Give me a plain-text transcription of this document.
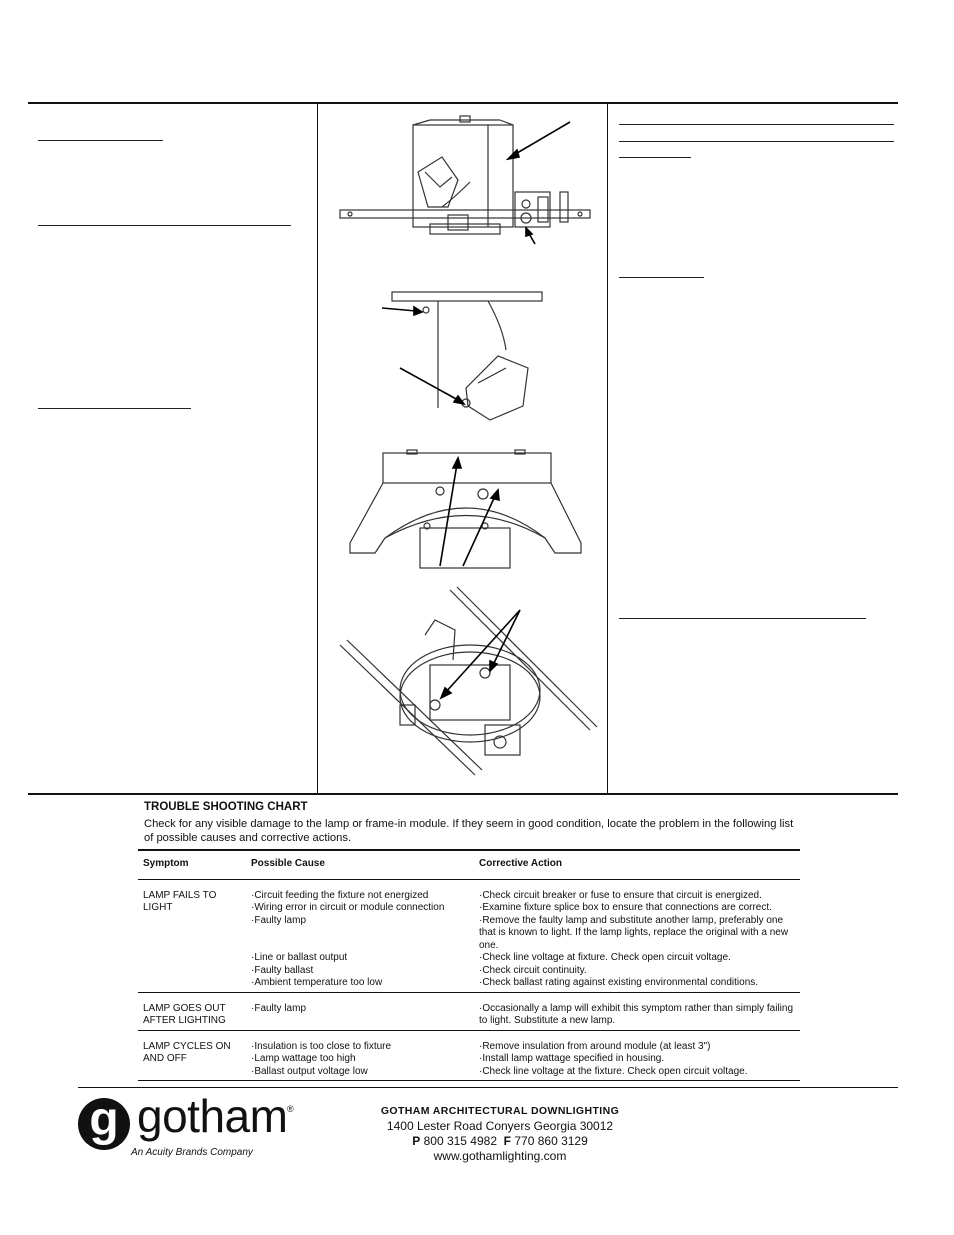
TROUBLE SHOOTING CHART
Check for any visible damage to the lamp or frame-in module. If they seem in good condition, locate the problem in the following list of possible causes and corrective actions.
Symptom	Possible Cause	Corrective Action
LAMP FAILS TO LIGHT	·Circuit feeding the fixture not energized	·Check circuit breaker or fuse to ensure that circuit is energized.
	·Wiring error in circuit or module connection	·Examine fixture splice box to ensure that connections are correct.
	·Faulty lamp	·Remove the faulty lamp and substitute another lamp, preferably one that is known to light. If the lamp lights, replace the original with a new one.
	·Line or ballast output	·Check line voltage at fixture. Check open circuit voltage.
	·Faulty ballast	·Check circuit continuity.
	·Ambient temperature too low	·Check ballast rating against existing environmental conditions.
LAMP GOES OUT AFTER LIGHTING	·Faulty lamp	·Occasionally a lamp will exhibit this symptom rather than simply failing to light. Substitute a new lamp.
LAMP CYCLES ON AND OFF	·Insulation is too close to fixture	·Remove insulation from around module (at least 3")
	·Lamp wattage too high	·Install lamp wattage specified in housing.
	·Ballast output voltage low	·Check line voltage at the fixture. Check open circuit voltage.
g gotham ®
An Acuity Brands Company
GOTHAM ARCHITECTURAL DOWNLIGHTING
1400 Lester Road Conyers Georgia 30012
P 800 315 4982 F 770 860 3129
www.gothamlighting.com
